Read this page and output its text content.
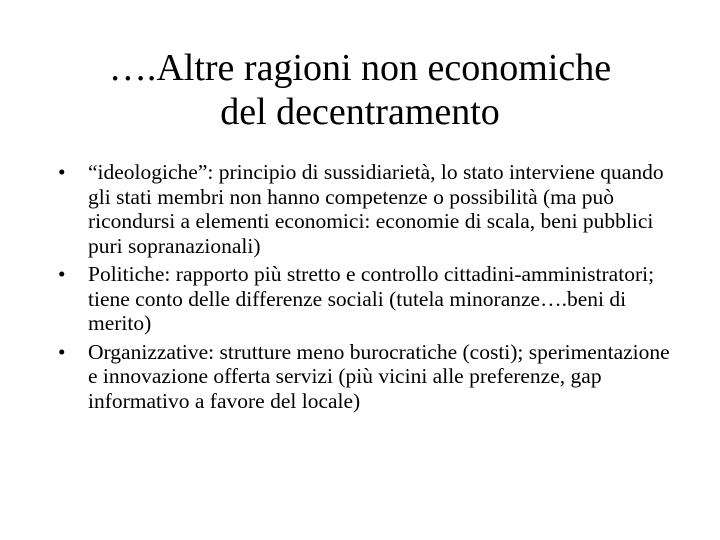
….Altre ragioni non economiche
del decentramento
•	“ideologiche”: principio di sussidiarietà, lo stato interviene quando gli stati membri non hanno competenze o possibilità (ma può ricondursi a elementi economici: economie di scala, beni pubblici puri sopranazionali)
•	Politiche: rapporto più stretto e controllo cittadini-amministratori; tiene conto delle differenze sociali (tutela minoranze….beni di merito)
•	Organizzative: strutture meno burocratiche (costi); sperimentazione e innovazione offerta servizi (più vicini alle preferenze, gap informativo a favore del locale)
